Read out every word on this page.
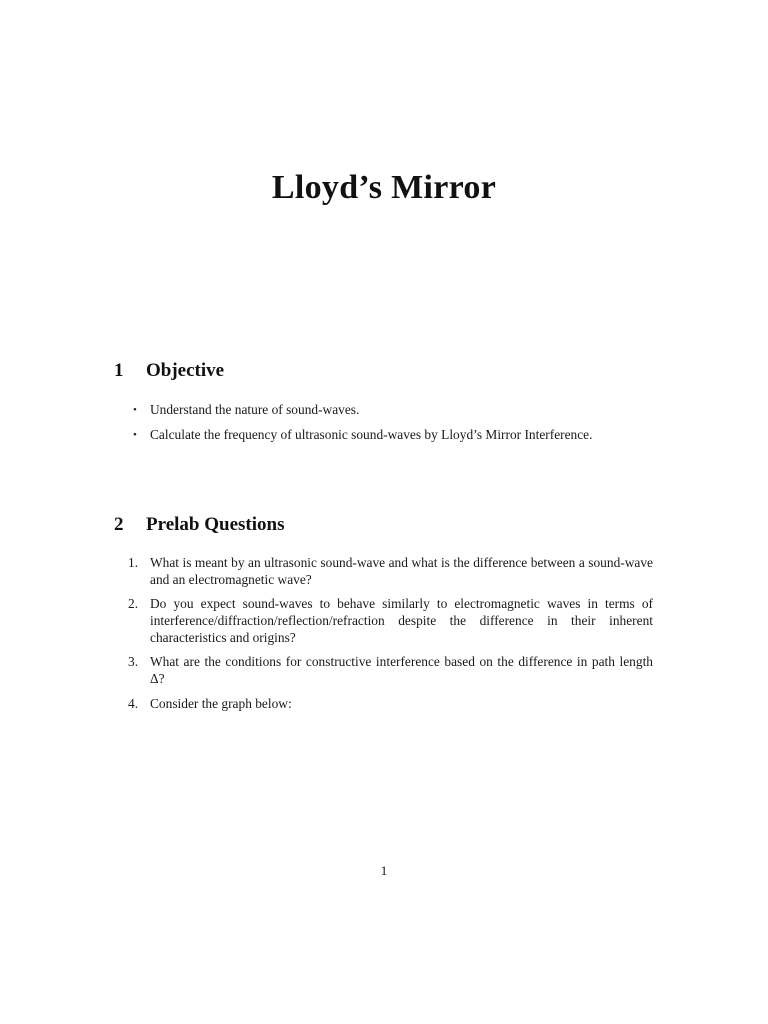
Lloyd’s Mirror
1 Objective
• Understand the nature of sound-waves.
• Calculate the frequency of ultrasonic sound-waves by Lloyd’s Mirror Interference.
2 Prelab Questions
1. What is meant by an ultrasonic sound-wave and what is the difference between a sound-wave and an electromagnetic wave?
2. Do you expect sound-waves to behave similarly to electromagnetic waves in terms of interference/diffraction/reflection/refraction despite the difference in their inherent characteristics and origins?
3. What are the conditions for constructive interference based on the difference in path length Δ?
4. Consider the graph below:
1
